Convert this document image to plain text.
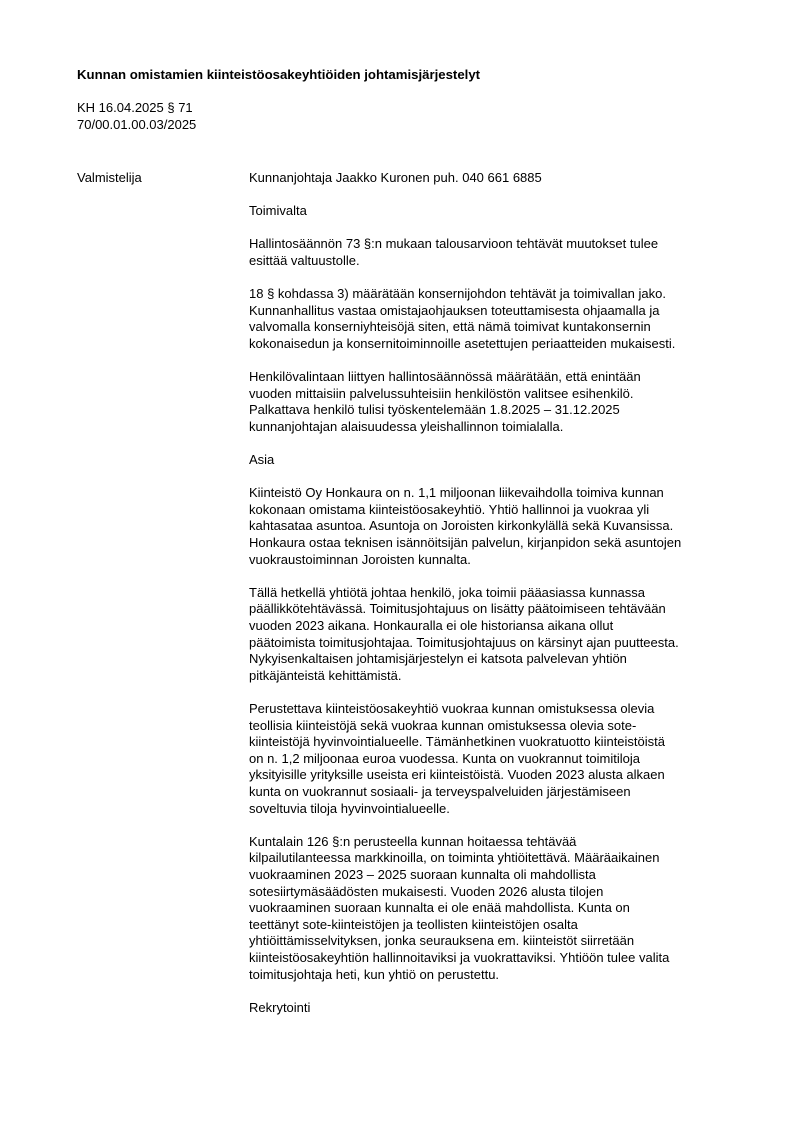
Kunnan omistamien kiinteistöosakeyhtiöiden johtamisjärjestelyt
KH 16.04.2025 § 71
70/00.01.00.03/2025
Valmistelija	Kunnanjohtaja Jaakko Kuronen puh. 040 661 6885

Toimivalta

Hallintosäännön 73 §:n mukaan talousarvioon tehtävät muutokset tulee
esittää valtuustolle.

18 § kohdassa 3) määrätään konsernijohdon tehtävät ja toimivallan jako.
Kunnanhallitus vastaa omistajaohjauksen toteuttamisesta ohjaamalla ja
valvomalla konserniyhteisöjä siten, että nämä toimivat kuntakonsernin
kokonaisedun ja konsernitoiminnoille asetettujen periaatteiden mukaisesti.

Henkilövalintaan liittyen hallintosäännössä määrätään, että enintään
vuoden mittaisiin palvelussuhteisiin henkilöstön valitsee esihenkilö.
Palkattava henkilö tulisi työskentelemään 1.8.2025 – 31.12.2025
kunnanjohtajan alaisuudessa yleishallinnon toimialalla.

Asia

Kiinteistö Oy Honkaura on n. 1,1 miljoonan liikevaihdolla toimiva kunnan
kokonaan omistama kiinteistöosakeyhtiö. Yhtiö hallinnoi ja vuokraa yli
kahtasataa asuntoa. Asuntoja on Joroisten kirkonkylällä sekä Kuvansissa.
Honkaura ostaa teknisen isännöitsijän palvelun, kirjanpidon sekä asuntojen
vuokraustoiminnan Joroisten kunnalta.

Tällä hetkellä yhtiötä johtaa henkilö, joka toimii pääasiassa kunnassa
päällikkötehtävässä. Toimitusjohtajuus on lisätty päätoimiseen tehtävään
vuoden 2023 aikana. Honkauralla ei ole historiansa aikana ollut
päätoimista toimitusjohtajaa. Toimitusjohtajuus on kärsinyt ajan puutteesta.
Nykyisenkaltaisen johtamisjärjestelyn ei katsota palvelevan yhtiön
pitkäjänteistä kehittämistä.

Perustettava kiinteistöosakeyhtiö vuokraa kunnan omistuksessa olevia
teollisia kiinteistöjä sekä vuokraa kunnan omistuksessa olevia sote-
kiinteistöjä hyvinvointialueelle. Tämänhetkinen vuokratuotto kiinteistöistä
on n. 1,2 miljoonaa euroa vuodessa. Kunta on vuokrannut toimitiloja
yksityisille yrityksille useista eri kiinteistöistä. Vuoden 2023 alusta alkaen
kunta on vuokrannut sosiaali- ja terveyspalveluiden järjestämiseen
soveltuvia tiloja hyvinvointialueelle.

Kuntalain 126 §:n perusteella kunnan hoitaessa tehtävää
kilpailutilanteessa markkinoilla, on toiminta yhtiöitettävä. Määräaikainen
vuokraaminen 2023 – 2025 suoraan kunnalta oli mahdollista
sotesiirtymäsäädösten mukaisesti. Vuoden 2026 alusta tilojen
vuokraaminen suoraan kunnalta ei ole enää mahdollista. Kunta on
teettänyt sote-kiinteistöjen ja teollisten kiinteistöjen osalta
yhtiöittämisselvityksen, jonka seurauksena em. kiinteistöt siirretään
kiinteistöosakeyhtiön hallinnoitaviksi ja vuokrattaviksi. Yhtiöön tulee valita
toimitusjohtaja heti, kun yhtiö on perustettu.

Rekrytointi
